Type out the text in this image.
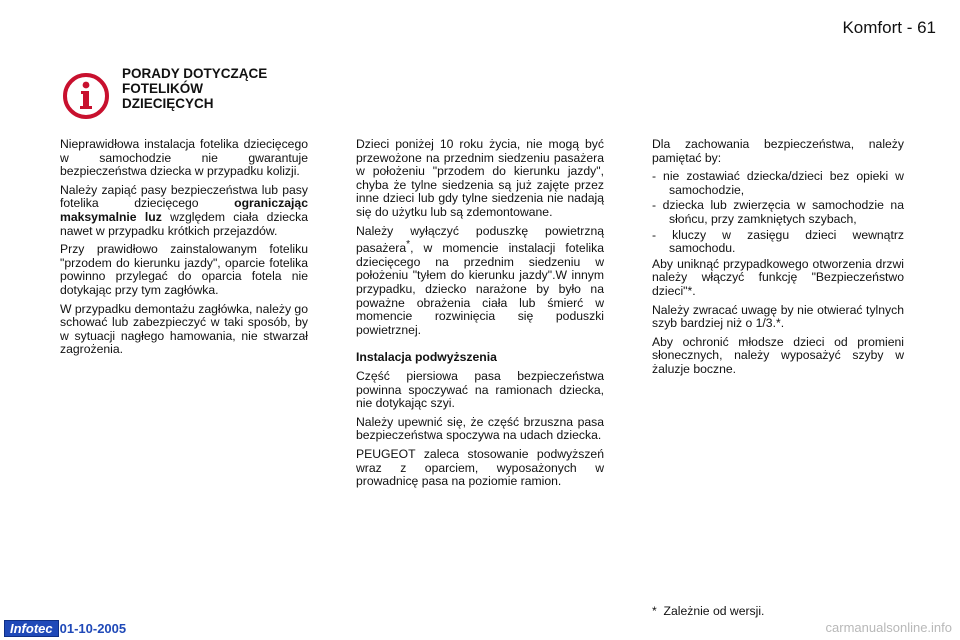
Komfort - 61
PORADY DOTYCZĄCE
FOTELIKÓW
DZIECIĘCYCH

Nieprawidłowa instalacja fotelika dziecięcego w samochodzie nie gwarantuje bezpieczeństwa dziecka w przypadku kolizji.

Należy zapiąć pasy bezpieczeństwa lub pasy fotelika dziecięcego ograniczając maksymalnie luz względem ciała dziecka nawet w przypadku krótkich przejazdów.

Przy prawidłowo zainstalowanym foteliku "przodem do kierunku jazdy", oparcie fotelika powinno przylegać do oparcia fotela nie dotykając przy tym zagłówka.

W przypadku demontażu zagłówka, należy go schować lub zabezpieczyć w taki sposób, by w sytuacji nagłego hamowania, nie stwarzał zagrożenia.

Dzieci poniżej 10 roku życia, nie mogą być przewożone na przednim siedzeniu pasażera w położeniu "przodem do kierunku jazdy", chyba że tylne siedzenia są już zajęte przez inne dzieci lub gdy tylne siedzenia nie nadają się do użytku lub są zdemontowane.

Należy wyłączyć poduszkę powietrzną pasażera*, w momencie instalacji fotelika dziecięcego na przednim siedzeniu w położeniu "tyłem do kierunku jazdy".W innym przypadku, dziecko narażone by było na poważne obrażenia ciała lub śmierć w momencie rozwinięcia się poduszki powietrznej.

Instalacja podwyższenia

Część piersiowa pasa bezpieczeństwa powinna spoczywać na ramionach dziecka, nie dotykając szyi.

Należy upewnić się, że część brzuszna pasa bezpieczeństwa spoczywa na udach dziecka.

PEUGEOT zaleca stosowanie podwyższeń wraz z oparciem, wyposażonych w prowadnicę pasa na poziomie ramion.

Dla zachowania bezpieczeństwa, należy pamiętać by:

- nie zostawiać dziecka/dzieci bez opieki w samochodzie,
- dziecka lub zwierzęcia w samochodzie na słońcu, przy zamkniętych szybach,
- kluczy w zasięgu dzieci wewnątrz samochodu.

Aby uniknąć przypadkowego otworzenia drzwi należy włączyć funkcję "Bezpieczeństwo dzieci"*.

Należy zwracać uwagę by nie otwierać tylnych szyb bardziej niż o 1/3.*.

Aby ochronić młodsze dzieci od promieni słonecznych, należy wyposażyć szyby w żaluzje boczne.

*  Zależnie od wersji.
Infotec 01-10-2005	carmanualsonline.info
